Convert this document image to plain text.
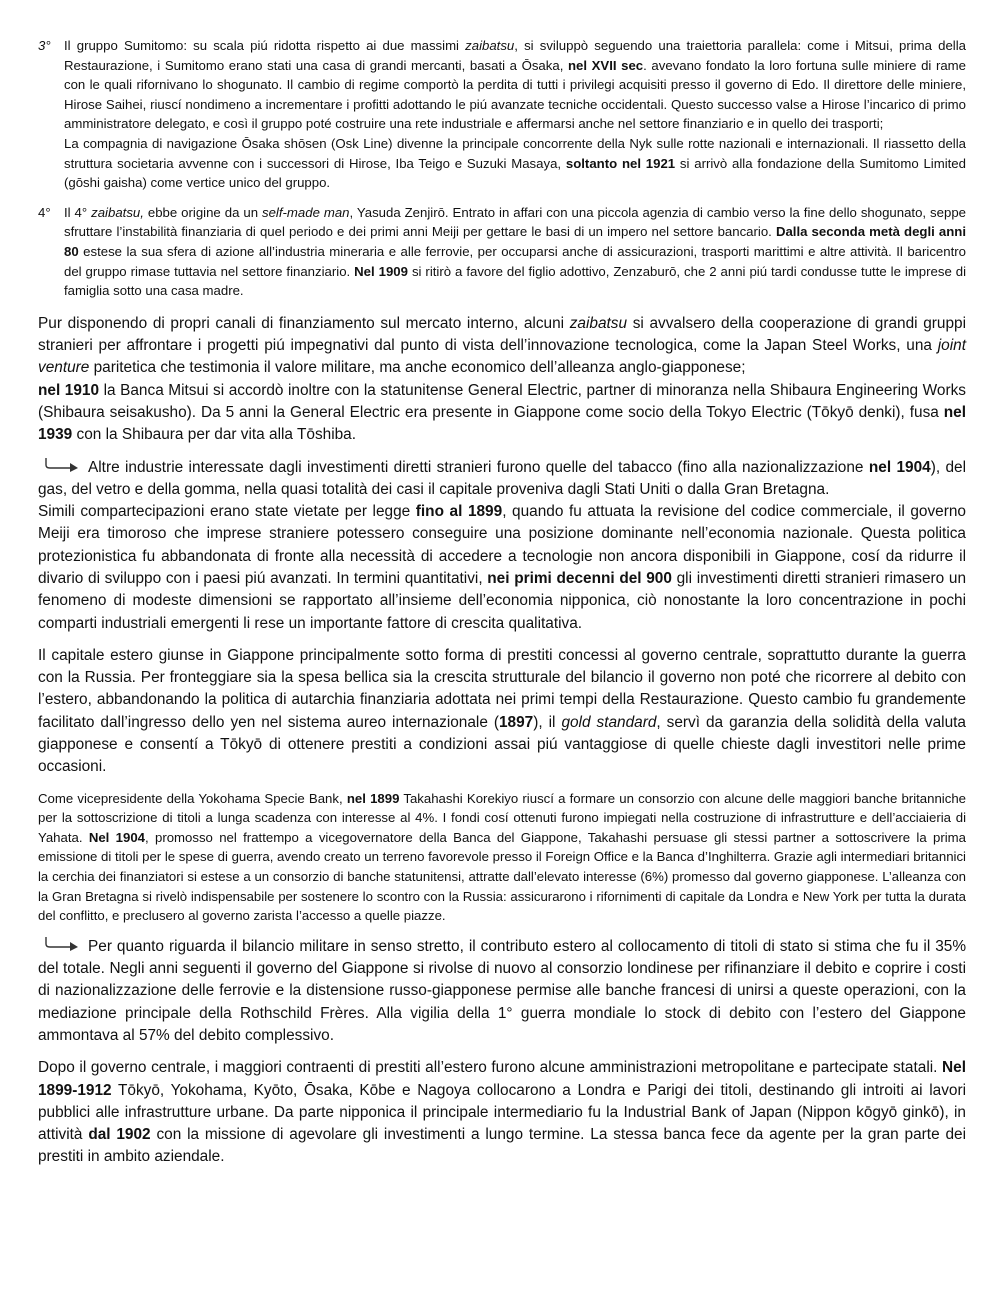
3° Il gruppo Sumitomo: su scala piú ridotta rispetto ai due massimi zaibatsu, si sviluppò seguendo una traiettoria parallela: come i Mitsui, prima della Restaurazione, i Sumitomo erano stati una casa di grandi mercanti, basati a Ōsaka, nel XVII sec. avevano fondato la loro fortuna sulle miniere di rame con le quali rifornivano lo shogunato. Il cambio di regime comportò la perdita di tutti i privilegi acquisiti presso il governo di Edo. Il direttore delle miniere, Hirose Saihei, riuscí nondimeno a incrementare i profitti adottando le piú avanzate tecniche occidentali. Questo successo valse a Hirose l’incarico di primo amministratore delegato, e così il gruppo poté costruire una rete industriale e affermarsi anche nel settore finanziario e in quello dei trasporti;

La compagnia di navigazione Ōsaka shōsen (Osk Line) divenne la principale concorrente della Nyk sulle rotte nazionali e internazionali. Il riassetto della struttura societaria avvenne con i successori di Hirose, Iba Teigo e Suzuki Masaya, soltanto nel 1921 si arrivò alla fondazione della Sumitomo Limited (gōshi gaisha) come vertice unico del gruppo.

4° Il 4° zaibatsu, ebbe origine da un self-made man, Yasuda Zenjirō. Entrato in affari con una piccola agenzia di cambio verso la fine dello shogunato, seppe sfruttare l’instabilità finanziaria di quel periodo e dei primi anni Meiji per gettare le basi di un impero nel settore bancario. Dalla seconda metà degli anni 80 estese la sua sfera di azione all’industria mineraria e alle ferrovie, per occuparsi anche di assicurazioni, trasporti marittimi e altre attività. Il baricentro del gruppo rimase tuttavia nel settore finanziario. Nel 1909 si ritirò a favore del figlio adottivo, Zenzaburō, che 2 anni piú tardi condusse tutte le imprese di famiglia sotto una casa madre.

Pur disponendo di propri canali di finanziamento sul mercato interno, alcuni zaibatsu si avvalsero della cooperazione di grandi gruppi stranieri per affrontare i progetti piú impegnativi dal punto di vista dell’innovazione tecnologica, come la Japan Steel Works, una joint venture paritetica che testimonia il valore militare, ma anche economico dell’alleanza anglo-giapponese;

nel 1910 la Banca Mitsui si accordò inoltre con la statunitense General Electric, partner di minoranza nella Shibaura Engineering Works (Shibaura seisakusho). Da 5 anni la General Electric era presente in Giappone come socio della Tokyo Electric (Tōkyō denki), fusa nel 1939 con la Shibaura per dar vita alla Tōshiba.

Altre industrie interessate dagli investimenti diretti stranieri furono quelle del tabacco (fino alla nazionalizzazione nel 1904), del gas, del vetro e della gomma, nella quasi totalità dei casi il capitale proveniva dagli Stati Uniti o dalla Gran Bretagna.

Simili compartecipazioni erano state vietate per legge fino al 1899, quando fu attuata la revisione del codice commerciale, il governo Meiji era timoroso che imprese straniere potessero conseguire una posizione dominante nell’economia nazionale. Questa politica protezionistica fu abbandonata di fronte alla necessità di accedere a tecnologie non ancora disponibili in Giappone, cosí da ridurre il divario di sviluppo con i paesi piú avanzati. In termini quantitativi, nei primi decenni del 900 gli investimenti diretti stranieri rimasero un fenomeno di modeste dimensioni se rapportato all’insieme dell’economia nipponica, ciò nonostante la loro concentrazione in pochi comparti industriali emergenti li rese un importante fattore di crescita qualitativa.

Il capitale estero giunse in Giappone principalmente sotto forma di prestiti concessi al governo centrale, soprattutto durante la guerra con la Russia. Per fronteggiare sia la spesa bellica sia la crescita strutturale del bilancio il governo non poté che ricorrere al debito con l’estero, abbandonando la politica di autarchia finanziaria adottata nei primi tempi della Restaurazione. Questo cambio fu grandemente facilitato dall’ingresso dello yen nel sistema aureo internazionale (1897), il gold standard, servì da garanzia della solidità della valuta giapponese e consentí a Tōkyō di ottenere prestiti a condizioni assai piú vantaggiose di quelle chieste dagli investitori nelle prime occasioni.

Come vicepresidente della Yokohama Specie Bank, nel 1899 Takahashi Korekiyo riuscí a formare un consorzio con alcune delle maggiori banche britanniche per la sottoscrizione di titoli a lunga scadenza con interesse al 4%. I fondi cosí ottenuti furono impiegati nella costruzione di infrastrutture e dell’acciaieria di Yahata. Nel 1904, promosso nel frattempo a vicegovernatore della Banca del Giappone, Takahashi persuase gli stessi partner a sottoscrivere la prima emissione di titoli per le spese di guerra, avendo creato un terreno favorevole presso il Foreign Office e la Banca d’Inghilterra. Grazie agli intermediari britannici la cerchia dei finanziatori si estese a un consorzio di banche statunitensi, attratte dall’elevato interesse (6%) promesso dal governo giapponese. L’alleanza con la Gran Bretagna si rivelò indispensabile per sostenere lo scontro con la Russia: assicurarono i rifornimenti di capitale da Londra e New York per tutta la durata del conflitto, e preclusero al governo zarista l’accesso a quelle piazze.

Per quanto riguarda il bilancio militare in senso stretto, il contributo estero al collocamento di titoli di stato si stima che fu il 35% del totale. Negli anni seguenti il governo del Giappone si rivolse di nuovo al consorzio londinese per rifinanziare il debito e coprire i costi di nazionalizzazione delle ferrovie e la distensione russo-giapponese permise alle banche francesi di unirsi a queste operazioni, con la mediazione principale della Rothschild Frères. Alla vigilia della 1° guerra mondiale lo stock di debito con l’estero del Giappone ammontava al 57% del debito complessivo.

Dopo il governo centrale, i maggiori contraenti di prestiti all’estero furono alcune amministrazioni metropolitane e partecipate statali. Nel 1899-1912 Tōkyō, Yokohama, Kyōto, Ōsaka, Kōbe e Nagoya collocarono a Londra e Parigi dei titoli, destinando gli introiti ai lavori pubblici alle infrastrutture urbane. Da parte nipponica il principale intermediario fu la Industrial Bank of Japan (Nippon kōgyō ginkō), in attività dal 1902 con la missione di agevolare gli investimenti a lungo termine. La stessa banca fece da agente per la gran parte dei prestiti in ambito aziendale.
